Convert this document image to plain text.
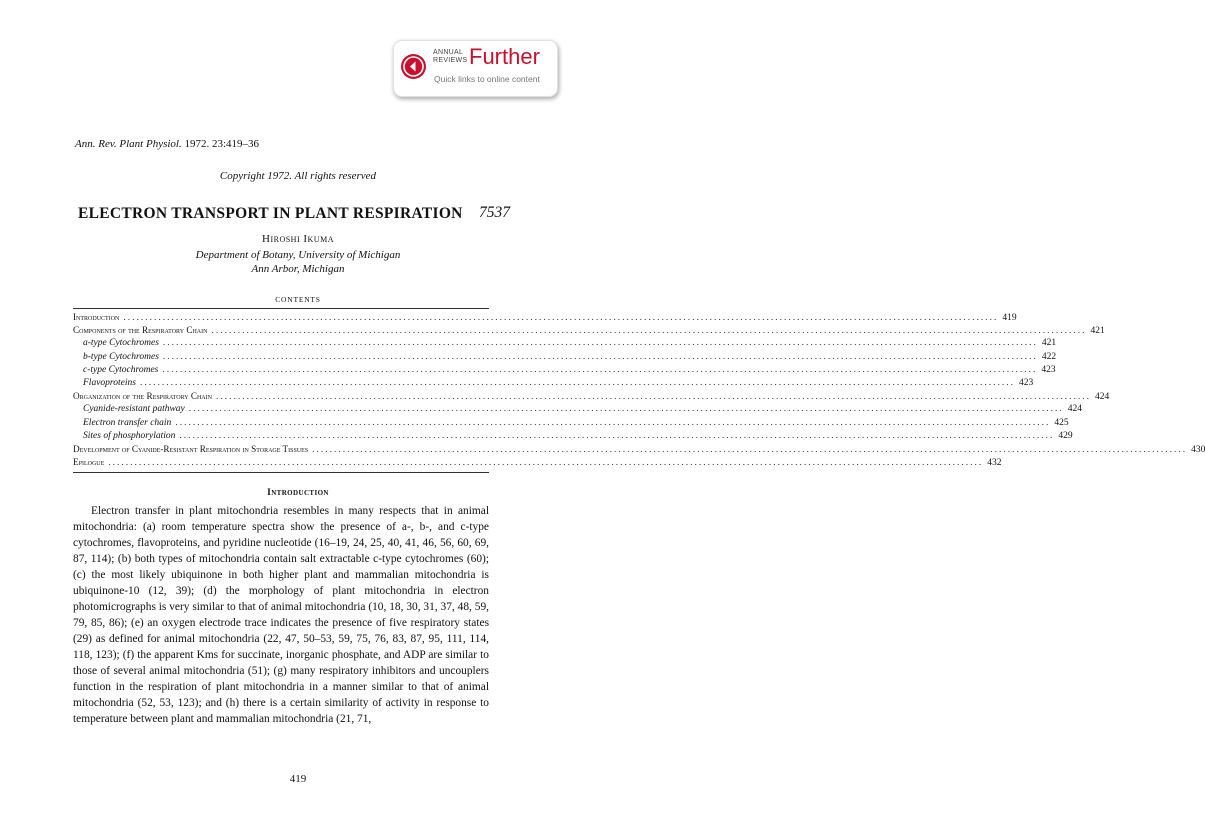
ANNUAL
REVIEWS Further
Quick links to online content
Ann. Rev. Plant Physiol. 1972. 23:419–36
Copyright 1972. All rights reserved
ELECTRON TRANSPORT IN PLANT RESPIRATION 7537
Hiroshi Ikuma
Department of Botany, University of Michigan
Ann Arbor, Michigan
CONTENTS
Introduction ........................................................................................................................................................................................................ 419
Components of the Respiratory Chain ........................................................................................................................................................................................................ 421
a-type Cytochromes ........................................................................................................................................................................................................ 421
b-type Cytochromes ........................................................................................................................................................................................................ 422
c-type Cytochromes ........................................................................................................................................................................................................ 423
Flavoproteins ........................................................................................................................................................................................................ 423
Organization of the Respiratory Chain ........................................................................................................................................................................................................ 424
Cyanide-resistant pathway ........................................................................................................................................................................................................ 424
Electron transfer chain ........................................................................................................................................................................................................ 425
Sites of phosphorylation ........................................................................................................................................................................................................ 429
Development of Cyanide-Resistant Respiration in Storage Tissues ........................................................................................................................................................................................................ 430
Epilogue ........................................................................................................................................................................................................ 432
Introduction
Electron transfer in plant mitochondria resembles in many respects that in animal mitochondria: (a) room temperature spectra show the presence of a-, b-, and c-type cytochromes, flavoproteins, and pyridine nucleotide (16–19, 24, 25, 40, 41, 46, 56, 60, 69, 87, 114); (b) both types of mitochondria contain salt extractable c-type cytochromes (60); (c) the most likely ubiquinone in both higher plant and mammalian mitochondria is ubiquinone-10 (12, 39); (d) the morphology of plant mitochondria in electron photomicrographs is very similar to that of animal mitochondria (10, 18, 30, 31, 37, 48, 59, 79, 85, 86); (e) an oxygen electrode trace indicates the presence of five respiratory states (29) as defined for animal mitochondria (22, 47, 50–53, 59, 75, 76, 83, 87, 95, 111, 114, 118, 123); (f) the apparent Kms for succinate, inorganic phosphate, and ADP are similar to those of several animal mitochondria (51); (g) many respiratory inhibitors and uncouplers function in the respiration of plant mitochondria in a manner similar to that of animal mitochondria (52, 53, 123); and (h) there is a certain similarity of activity in response to temperature between plant and mammalian mitochondria (21, 71,
419
